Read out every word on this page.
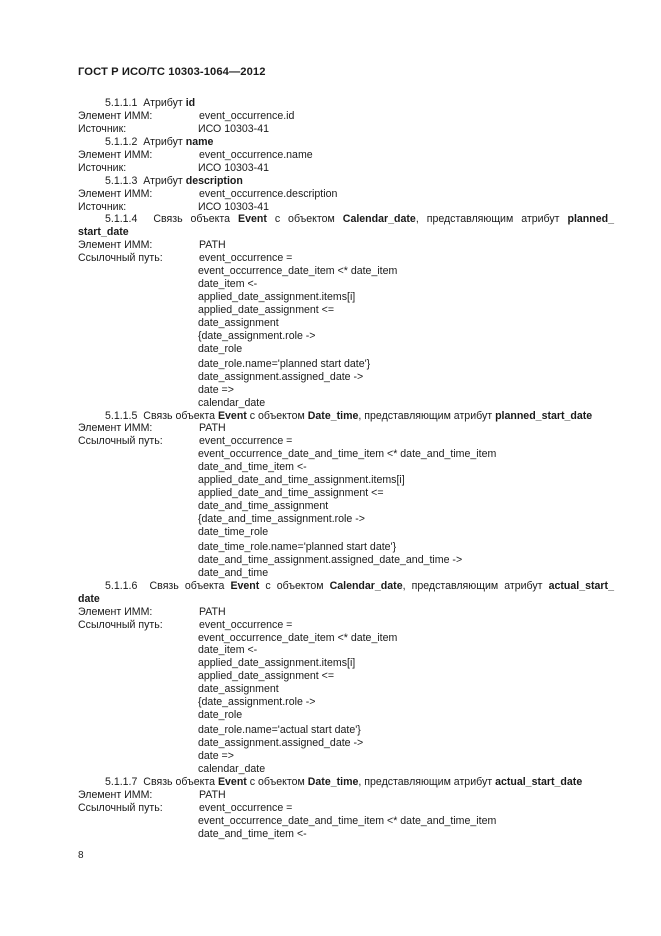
ГОСТ Р ИСО/ТС 10303-1064—2012
5.1.1.1 Атрибут id
Элемент ИММ:	event_occurrence.id
Источник:	ИСО 10303-41
5.1.1.2 Атрибут name
Элемент ИММ:	event_occurrence.name
Источник:	ИСО 10303-41
5.1.1.3 Атрибут description
Элемент ИММ:	event_occurrence.description
Источник:	ИСО 10303-41
5.1.1.4 Связь объекта Event с объектом Calendar_date, представляющим атрибут planned_
start_date
Элемент ИММ:	PATH
Ссылочный путь:	event_occurrence =
event_occurrence_date_item <* date_item
date_item <-
applied_date_assignment.items[i]
applied_date_assignment <=
date_assignment
{date_assignment.role ->
date_role
date_role.name='planned start date'}
date_assignment.assigned_date ->
date =>
calendar_date
5.1.1.5 Связь объекта Event с объектом Date_time, представляющим атрибут planned_start_date
Элемент ИММ:	PATH
Ссылочный путь:	event_occurrence =
event_occurrence_date_and_time_item <* date_and_time_item
date_and_time_item <-
applied_date_and_time_assignment.items[i]
applied_date_and_time_assignment <=
date_and_time_assignment
{date_and_time_assignment.role ->
date_time_role
date_time_role.name='planned start date'}
date_and_time_assignment.assigned_date_and_time ->
date_and_time
5.1.1.6 Связь объекта Event с объектом Calendar_date, представляющим атрибут actual_start_
date
Элемент ИММ:	PATH
Ссылочный путь:	event_occurrence =
event_occurrence_date_item <* date_item
date_item <-
applied_date_assignment.items[i]
applied_date_assignment <=
date_assignment
{date_assignment.role ->
date_role
date_role.name='actual start date'}
date_assignment.assigned_date ->
date =>
calendar_date
5.1.1.7 Связь объекта Event с объектом Date_time, представляющим атрибут actual_start_date
Элемент ИММ:	PATH
Ссылочный путь:	event_occurrence =
event_occurrence_date_and_time_item <* date_and_time_item
date_and_time_item <-
8
